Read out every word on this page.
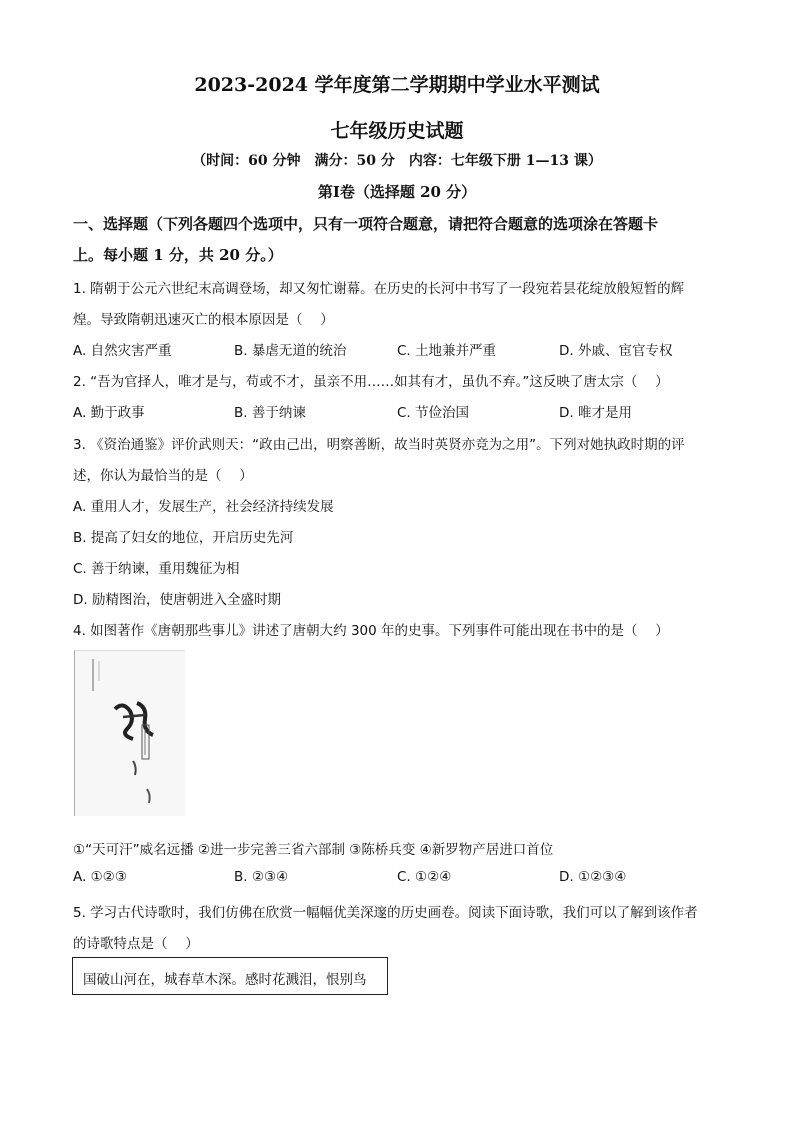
2023-2024 学年度第二学期期中学业水平测试
七年级历史试题
（时间：60 分钟　满分：50 分　内容：七年级下册 1—13 课）
第Ⅰ卷（选择题 20 分）
一、选择题（下列各题四个选项中，只有一项符合题意，请把符合题意的选项涂在答题卡
上。每小题 1 分，共 20 分。）
1. 隋朝于公元六世纪末高调登场，却又匆忙谢幕。在历史的长河中书写了一段宛若昙花绽放般短暂的辉
煌。导致隋朝迅速灭亡的根本原因是（　 ）
A. 自然灾害严重	B. 暴虐无道的统治	C. 土地兼并严重	D. 外戚、宦官专权
2. “吾为官择人，唯才是与，苟或不才，虽亲不用……如其有才，虽仇不弃。”这反映了唐太宗（　 ）
A. 勤于政事	B. 善于纳谏	C. 节俭治国	D. 唯才是用
3. 《资治通鉴》评价武则天：“政由己出，明察善断，故当时英贤亦竞为之用”。下列对她执政时期的评
述，你认为最恰当的是（　 ）
A. 重用人才，发展生产，社会经济持续发展
B. 提高了妇女的地位，开启历史先河
C. 善于纳谏，重用魏征为相
D. 励精图治，使唐朝进入全盛时期
4. 如图著作《唐朝那些事儿》讲述了唐朝大约 300 年的史事。下列事件可能出现在书中的是（　 ）
①“天可汗”威名远播 ②进一步完善三省六部制 ③陈桥兵变 ④新罗物产居进口首位
A. ①②③	B. ②③④	C. ①②④	D. ①②③④
5. 学习古代诗歌时，我们仿佛在欣赏一幅幅优美深邃的历史画卷。阅读下面诗歌，我们可以了解到该作者
的诗歌特点是（　 ）
国破山河在，城春草木深。感时花溅泪，恨别鸟
